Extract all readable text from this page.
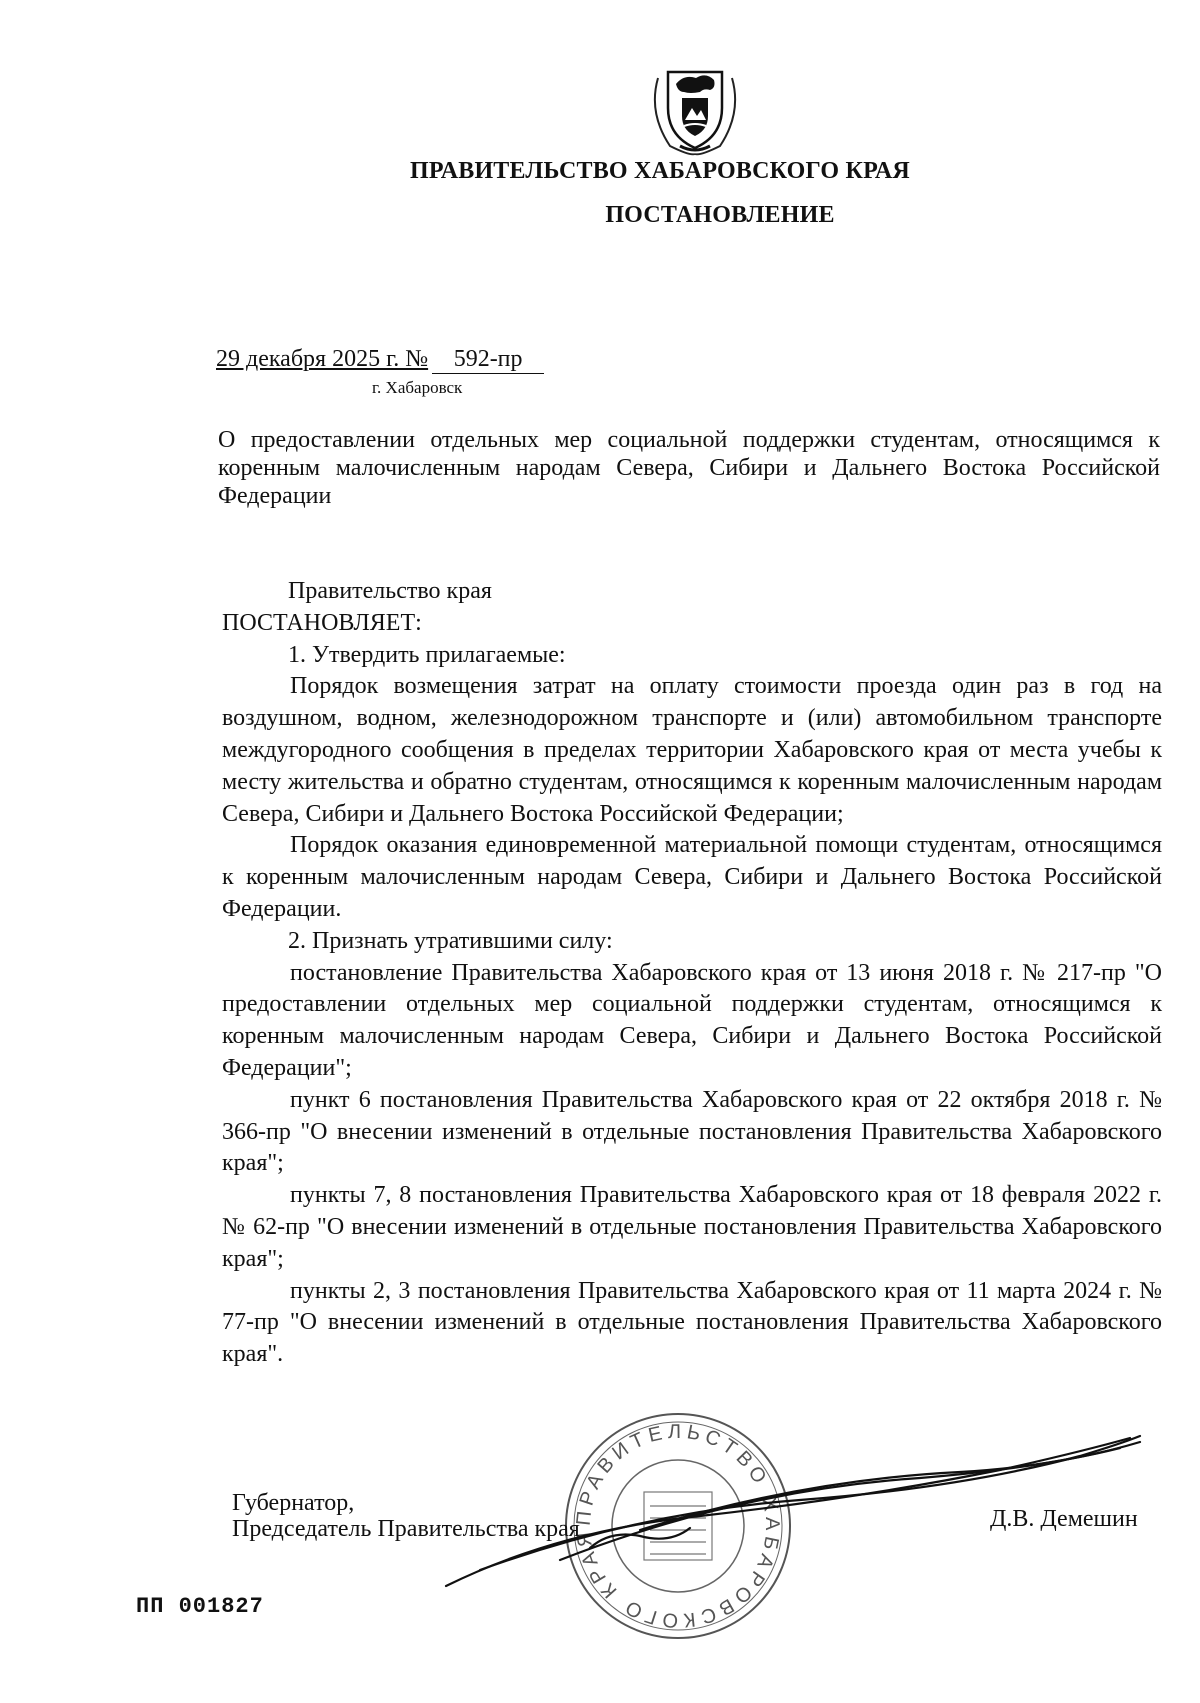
ПРАВИТЕЛЬСТВО ХАБАРОВСКОГО КРАЯ
ПОСТАНОВЛЕНИЕ
29 декабря 2025 г. № 592-пр
г. Хабаровск
О предоставлении отдельных мер социальной поддержки студентам, относящимся к коренным малочисленным народам Севера, Сибири и Дальнего Востока Российской Федерации

Правительство края

ПОСТАНОВЛЯЕТ:

1. Утвердить прилагаемые:

Порядок возмещения затрат на оплату стоимости проезда один раз в год на воздушном, водном, железнодорожном транспорте и (или) автомобильном транспорте междугородного сообщения в пределах территории Хабаровского края от места учебы к месту жительства и обратно студентам, относящимся к коренным малочисленным народам Севера, Сибири и Дальнего Востока Российской Федерации;

Порядок оказания единовременной материальной помощи студентам, относящимся к коренным малочисленным народам Севера, Сибири и Дальнего Востока Российской Федерации.

2. Признать утратившими силу:

постановление Правительства Хабаровского края от 13 июня 2018 г. № 217-пр "О предоставлении отдельных мер социальной поддержки студентам, относящимся к коренным малочисленным народам Севера, Сибири и Дальнего Востока Российской Федерации";

пункт 6 постановления Правительства Хабаровского края от 22 октября 2018 г. № 366-пр "О внесении изменений в отдельные постановления Правительства Хабаровского края";

пункты 7, 8 постановления Правительства Хабаровского края от 18 февраля 2022 г. № 62-пр "О внесении изменений в отдельные постановления Правительства Хабаровского края";

пункты 2, 3 постановления Правительства Хабаровского края от 11 марта 2024 г. № 77-пр "О внесении изменений в отдельные постановления Правительства Хабаровского края".

ПРАВИТЕЛЬСТВО ХАБАРОВСКОГО КРАЯ
Губернатор,
Председатель Правительства края	Д.В. Демешин
ПП 001827
